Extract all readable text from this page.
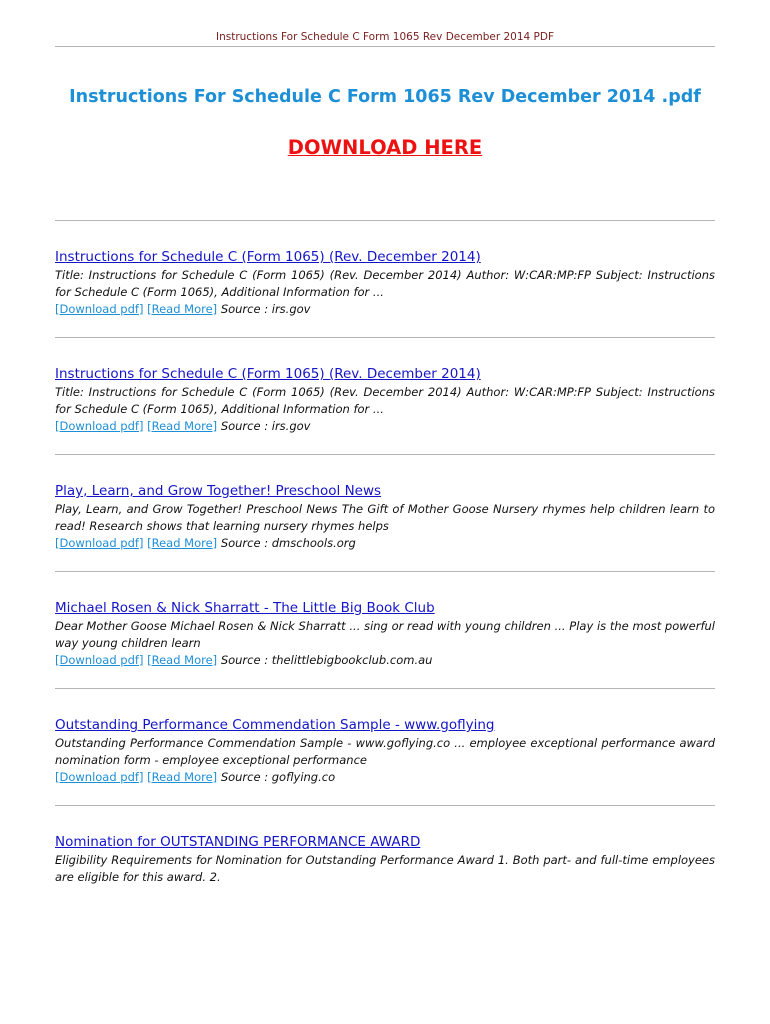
Instructions For Schedule C Form 1065 Rev December 2014 PDF
Instructions For Schedule C Form 1065 Rev December 2014 .pdf
DOWNLOAD HERE
Instructions for Schedule C (Form 1065) (Rev. December 2014)
Title: Instructions for Schedule C (Form 1065) (Rev. December 2014) Author: W:CAR:MP:FP Subject: Instructions for Schedule C (Form 1065), Additional Information for ...
[Download pdf] [Read More] Source : irs.gov
Instructions for Schedule C (Form 1065) (Rev. December 2014)
Title: Instructions for Schedule C (Form 1065) (Rev. December 2014) Author: W:CAR:MP:FP Subject: Instructions for Schedule C (Form 1065), Additional Information for ...
[Download pdf] [Read More] Source : irs.gov
Play, Learn, and Grow Together! Preschool News
Play, Learn, and Grow Together! Preschool News The Gift of Mother Goose Nursery rhymes help children learn to read! Research shows that learning nursery rhymes helps
[Download pdf] [Read More] Source : dmschools.org
Michael Rosen & Nick Sharratt - The Little Big Book Club
Dear Mother Goose Michael Rosen & Nick Sharratt ... sing or read with young children ... Play is the most powerful way young children learn
[Download pdf] [Read More] Source : thelittlebigbookclub.com.au
Outstanding Performance Commendation Sample - www.goflying
Outstanding Performance Commendation Sample - www.goflying.co ... employee exceptional performance award nomination form - employee exceptional performance
[Download pdf] [Read More] Source : goflying.co
Nomination for OUTSTANDING PERFORMANCE AWARD
Eligibility Requirements for Nomination for Outstanding Performance Award 1. Both part- and full-time employees are eligible for this award. 2.
